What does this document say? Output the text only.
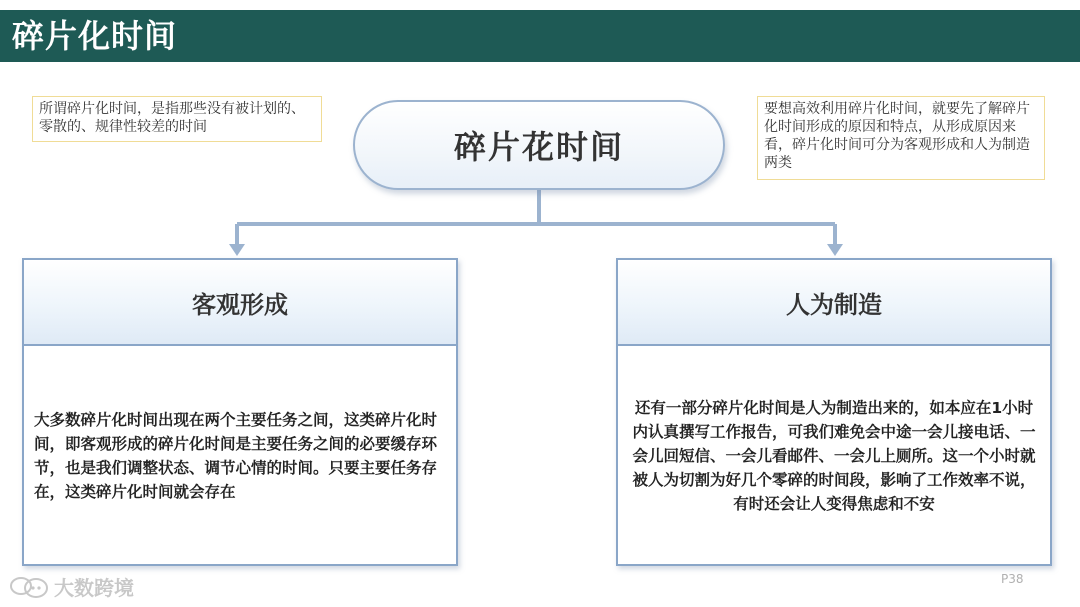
碎片化时间
所谓碎片化时间，是指那些没有被计划的、零散的、规律性较差的时间
要想高效利用碎片化时间，就要先了解碎片化时间形成的原因和特点，从形成原因来看，碎片化时间可分为客观形成和人为制造两类
碎片花时间
客观形成
大多数碎片化时间出现在两个主要任务之间，这类碎片化时间，即客观形成的碎片化时间是主要任务之间的必要缓存环节，也是我们调整状态、调节心情的时间。只要主要任务存在，这类碎片化时间就会存在
人为制造
还有一部分碎片化时间是人为制造出来的，如本应在1小时内认真撰写工作报告，可我们难免会中途一会儿接电话、一会儿回短信、一会儿看邮件、一会儿上厕所。这一个小时就被人为切割为好几个零碎的时间段，影响了工作效率不说，有时还会让人变得焦虑和不安
大数跨境	P38
